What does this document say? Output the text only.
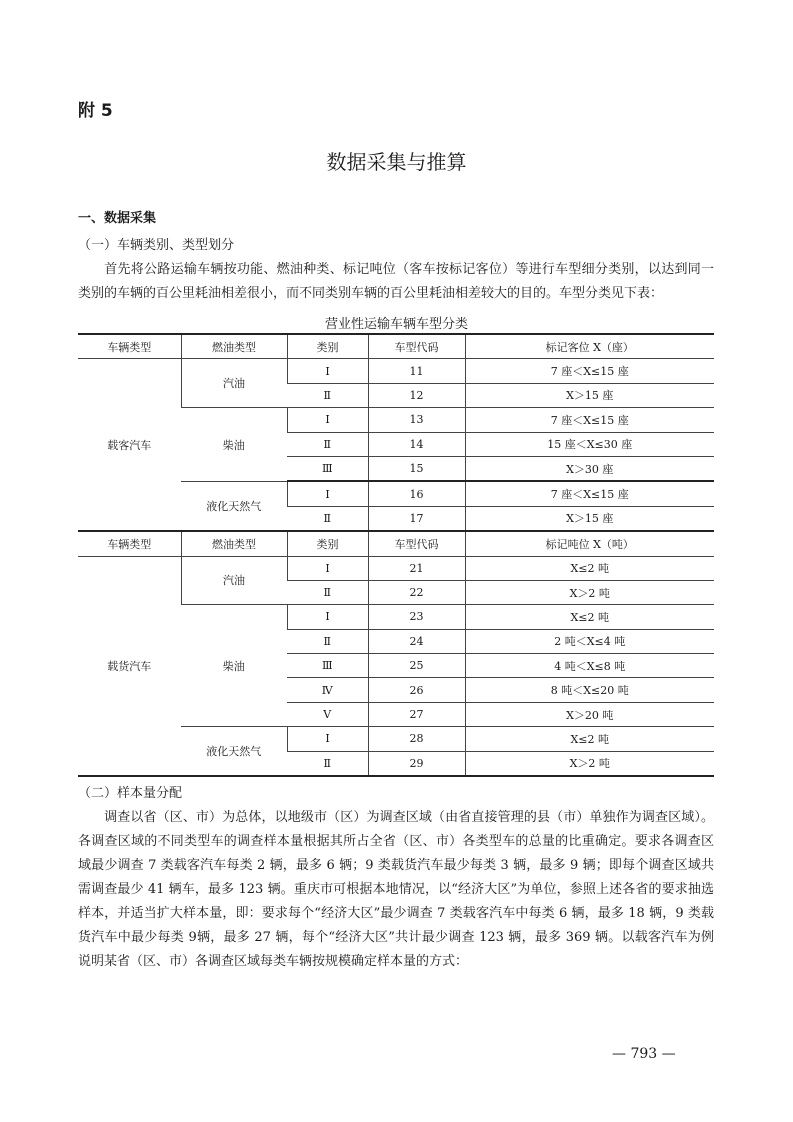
附 5
数据采集与推算
一、数据采集
（一）车辆类别、类型划分

首先将公路运输车辆按功能、燃油种类、标记吨位（客车按标记客位）等进行车型细分类别，以达到同一类别的车辆的百公里耗油相差很小，而不同类别车辆的百公里耗油相差较大的目的。车型分类见下表：

营业性运输车辆车型分类
车辆类型	燃油类型	类别	车型代码	标记客位 X（座）
载客汽车	汽油	Ⅰ	11	7 座＜X≤15 座
		Ⅱ	12	X＞15 座
	柴油	Ⅰ	13	7 座＜X≤15 座
		Ⅱ	14	15 座＜X≤30 座
		Ⅲ	15	X＞30 座
	液化天然气	Ⅰ	16	7 座＜X≤15 座
		Ⅱ	17	X＞15 座
车辆类型	燃油类型	类别	车型代码	标记吨位 X（吨）
载货汽车	汽油	Ⅰ	21	X≤2 吨
		Ⅱ	22	X＞2 吨
	柴油	Ⅰ	23	X≤2 吨
		Ⅱ	24	2 吨＜X≤4 吨
		Ⅲ	25	4 吨＜X≤8 吨
		Ⅳ	26	8 吨＜X≤20 吨
		Ⅴ	27	X＞20 吨
	液化天然气	Ⅰ	28	X≤2 吨
		Ⅱ	29	X＞2 吨
（二）样本量分配

调查以省（区、市）为总体，以地级市（区）为调查区域（由省直接管理的县（市）单独作为调查区域）。各调查区域的不同类型车的调查样本量根据其所占全省（区、市）各类型车的总量的比重确定。要求各调查区域最少调查 7 类载客汽车每类 2 辆，最多 6 辆；9 类载货汽车最少每类 3 辆，最多 9 辆；即每个调查区域共需调查最少 41 辆车，最多 123 辆。重庆市可根据本地情况，以“经济大区”为单位，参照上述各省的要求抽选样本，并适当扩大样本量，即：要求每个“经济大区”最少调查 7 类载客汽车中每类 6 辆，最多 18 辆，9 类载货汽车中最少每类 9辆，最多 27 辆，每个“经济大区”共计最少调查 123 辆，最多 369 辆。以载客汽车为例说明某省（区、市）各调查区域每类车辆按规模确定样本量的方式：

— 793 —
